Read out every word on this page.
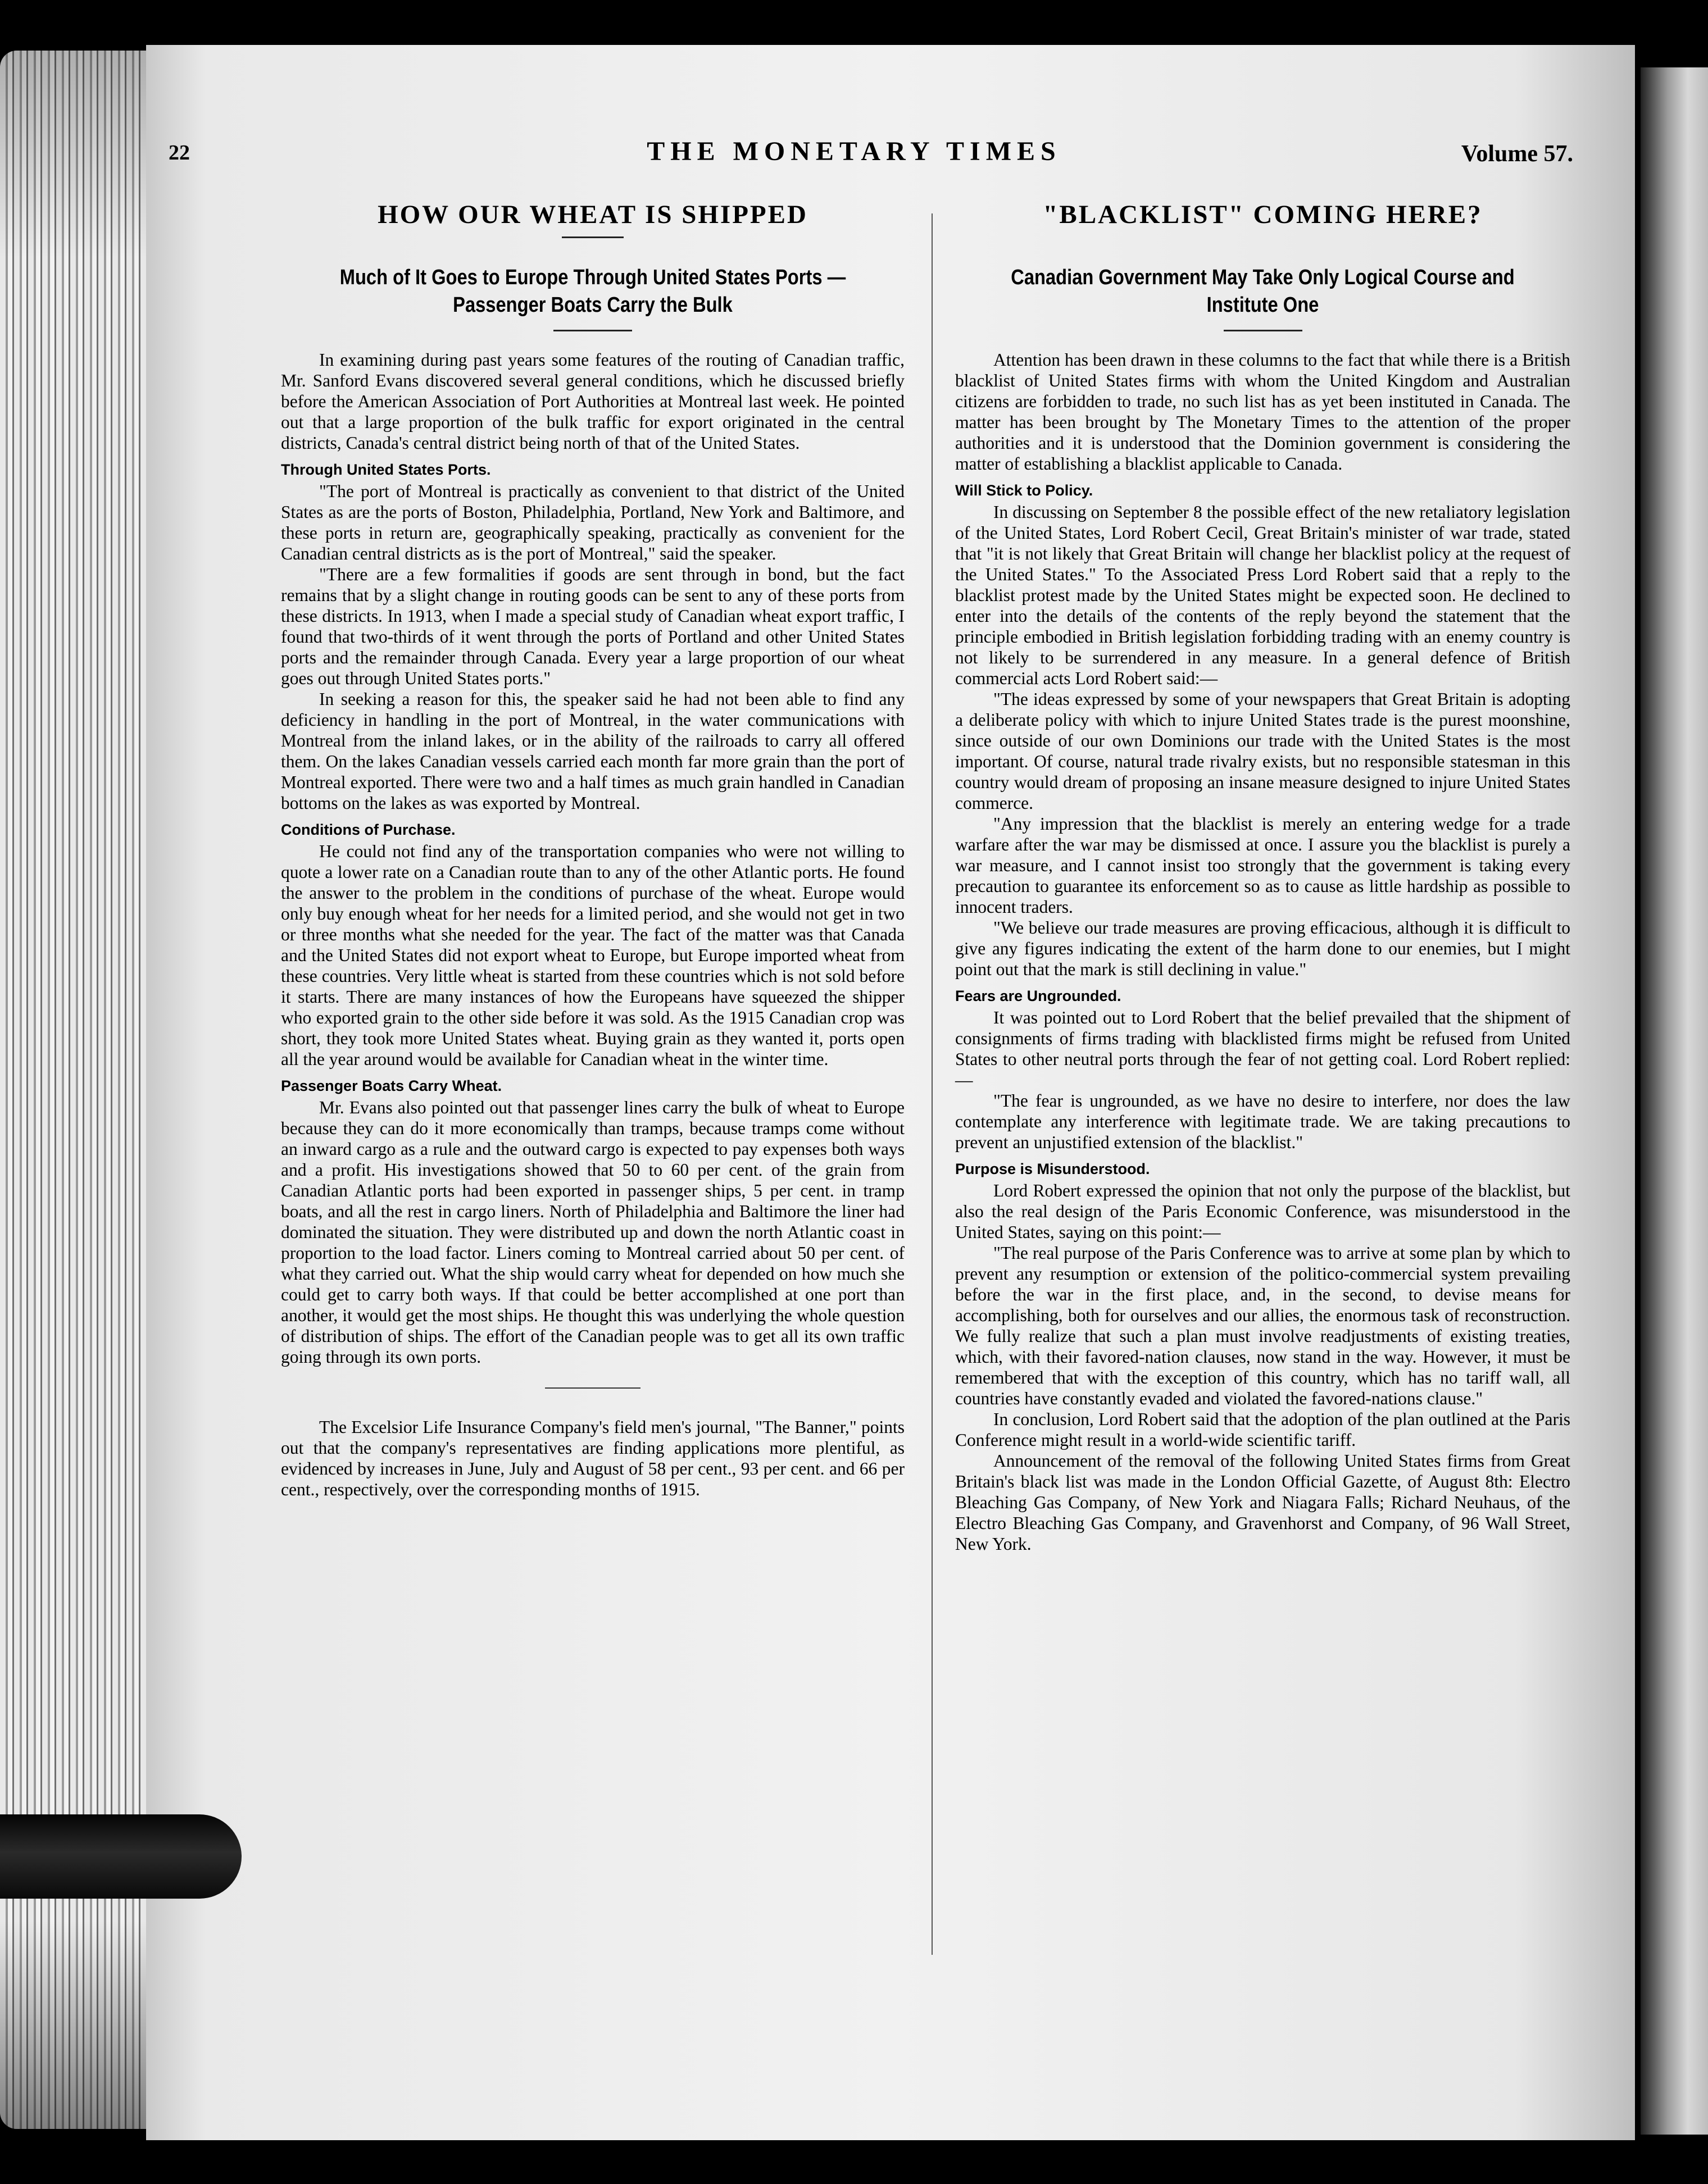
22	THE MONETARY TIMES	Volume 57.
HOW OUR WHEAT IS SHIPPED
Much of It Goes to Europe Through United States Ports —Passenger Boats Carry the Bulk

In examining during past years some features of the routing of Canadian traffic, Mr. Sanford Evans discovered several general conditions, which he discussed briefly before the American Association of Port Authorities at Montreal last week. He pointed out that a large proportion of the bulk traffic for export originated in the central districts, Canada's central district being north of that of the United States.

Through United States Ports.

"The port of Montreal is practically as convenient to that district of the United States as are the ports of Boston, Philadelphia, Portland, New York and Baltimore, and these ports in return are, geographically speaking, practically as convenient for the Canadian central districts as is the port of Montreal," said the speaker.

"There are a few formalities if goods are sent through in bond, but the fact remains that by a slight change in routing goods can be sent to any of these ports from these districts. In 1913, when I made a special study of Canadian wheat export traffic, I found that two-thirds of it went through the ports of Portland and other United States ports and the remainder through Canada. Every year a large proportion of our wheat goes out through United States ports."

In seeking a reason for this, the speaker said he had not been able to find any deficiency in handling in the port of Montreal, in the water communications with Montreal from the inland lakes, or in the ability of the railroads to carry all offered them. On the lakes Canadian vessels carried each month far more grain than the port of Montreal exported. There were two and a half times as much grain handled in Canadian bottoms on the lakes as was exported by Montreal.

Conditions of Purchase.

He could not find any of the transportation companies who were not willing to quote a lower rate on a Canadian route than to any of the other Atlantic ports. He found the answer to the problem in the conditions of purchase of the wheat. Europe would only buy enough wheat for her needs for a limited period, and she would not get in two or three months what she needed for the year. The fact of the matter was that Canada and the United States did not export wheat to Europe, but Europe imported wheat from these countries. Very little wheat is started from these countries which is not sold before it starts. There are many instances of how the Europeans have squeezed the shipper who exported grain to the other side before it was sold. As the 1915 Canadian crop was short, they took more United States wheat. Buying grain as they wanted it, ports open all the year around would be available for Canadian wheat in the winter time.

Passenger Boats Carry Wheat.

Mr. Evans also pointed out that passenger lines carry the bulk of wheat to Europe because they can do it more economically than tramps, because tramps come without an inward cargo as a rule and the outward cargo is expected to pay expenses both ways and a profit. His investigations showed that 50 to 60 per cent. of the grain from Canadian Atlantic ports had been exported in passenger ships, 5 per cent. in tramp boats, and all the rest in cargo liners. North of Philadelphia and Baltimore the liner had dominated the situation. They were distributed up and down the north Atlantic coast in proportion to the load factor. Liners coming to Montreal carried about 50 per cent. of what they carried out. What the ship would carry wheat for depended on how much she could get to carry both ways. If that could be better accomplished at one port than another, it would get the most ships. He thought this was underlying the whole question of distribution of ships. The effort of the Canadian people was to get all its own traffic going through its own ports.

The Excelsior Life Insurance Company's field men's journal, "The Banner," points out that the company's representatives are finding applications more plentiful, as evidenced by increases in June, July and August of 58 per cent., 93 per cent. and 66 per cent., respectively, over the corresponding months of 1915.

"BLACKLIST" COMING HERE?
Canadian Government May Take Only Logical Course and Institute One

Attention has been drawn in these columns to the fact that while there is a British blacklist of United States firms with whom the United Kingdom and Australian citizens are forbidden to trade, no such list has as yet been instituted in Canada. The matter has been brought by The Monetary Times to the attention of the proper authorities and it is understood that the Dominion government is considering the matter of establishing a blacklist applicable to Canada.

Will Stick to Policy.

In discussing on September 8 the possible effect of the new retaliatory legislation of the United States, Lord Robert Cecil, Great Britain's minister of war trade, stated that "it is not likely that Great Britain will change her blacklist policy at the request of the United States." To the Associated Press Lord Robert said that a reply to the blacklist protest made by the United States might be expected soon. He declined to enter into the details of the contents of the reply beyond the statement that the principle embodied in British legislation forbidding trading with an enemy country is not likely to be surrendered in any measure. In a general defence of British commercial acts Lord Robert said:—

"The ideas expressed by some of your newspapers that Great Britain is adopting a deliberate policy with which to injure United States trade is the purest moonshine, since outside of our own Dominions our trade with the United States is the most important. Of course, natural trade rivalry exists, but no responsible statesman in this country would dream of proposing an insane measure designed to injure United States commerce.

"Any impression that the blacklist is merely an entering wedge for a trade warfare after the war may be dismissed at once. I assure you the blacklist is purely a war measure, and I cannot insist too strongly that the government is taking every precaution to guarantee its enforcement so as to cause as little hardship as possible to innocent traders.

"We believe our trade measures are proving efficacious, although it is difficult to give any figures indicating the extent of the harm done to our enemies, but I might point out that the mark is still declining in value."

Fears are Ungrounded.

It was pointed out to Lord Robert that the belief prevailed that the shipment of consignments of firms trading with blacklisted firms might be refused from United States to other neutral ports through the fear of not getting coal. Lord Robert replied:—

"The fear is ungrounded, as we have no desire to interfere, nor does the law contemplate any interference with legitimate trade. We are taking precautions to prevent an unjustified extension of the blacklist."

Purpose is Misunderstood.

Lord Robert expressed the opinion that not only the purpose of the blacklist, but also the real design of the Paris Economic Conference, was misunderstood in the United States, saying on this point:—

"The real purpose of the Paris Conference was to arrive at some plan by which to prevent any resumption or extension of the politico-commercial system prevailing before the war in the first place, and, in the second, to devise means for accomplishing, both for ourselves and our allies, the enormous task of reconstruction. We fully realize that such a plan must involve readjustments of existing treaties, which, with their favored-nation clauses, now stand in the way. However, it must be remembered that with the exception of this country, which has no tariff wall, all countries have constantly evaded and violated the favored-nations clause."

In conclusion, Lord Robert said that the adoption of the plan outlined at the Paris Conference might result in a world-wide scientific tariff.

Announcement of the removal of the following United States firms from Great Britain's black list was made in the London Official Gazette, of August 8th: Electro Bleaching Gas Company, of New York and Niagara Falls; Richard Neuhaus, of the Electro Bleaching Gas Company, and Gravenhorst and Company, of 96 Wall Street, New York.
